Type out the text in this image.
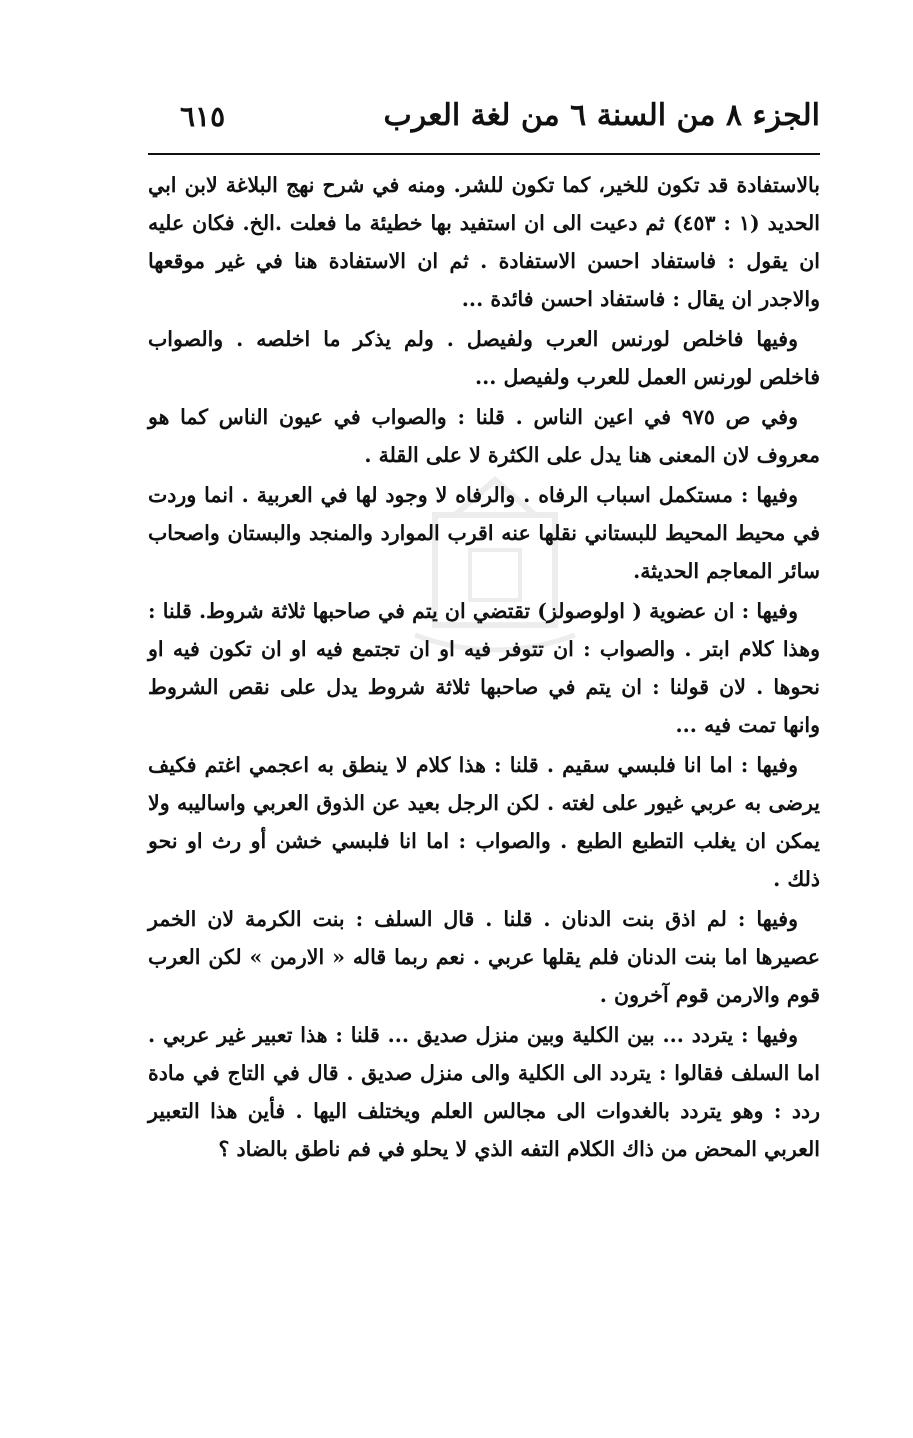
الجزء ٨ من السنة ٦ من لغة العرب
٦١٥

بالاستفادة قد تكون للخير، كما تكون للشر. ومنه في شرح نهج البلاغة لابن ابي الحديد (١ : ٤٥٣) ثم دعيت الى ان استفيد بها خطيئة ما فعلت .الخ. فكان عليه ان يقول : فاستفاد احسن الاستفادة . ثم ان الاستفادة هنا في غير موقعها والاجدر ان يقال : فاستفاد احسن فائدة ...

وفيها فاخلص لورنس العرب ولفيصل . ولم يذكر ما اخلصه . والصواب فاخلص لورنس العمل للعرب ولفيصل ...

وفي ص ٩٧٥ في اعين الناس . قلنا : والصواب في عيون الناس كما هو معروف لان المعنى هنا يدل على الكثرة لا على القلة .

وفيها : مستكمل اسباب الرفاه . والرفاه لا وجود لها في العربية . انما وردت في محيط المحيط للبستاني نقلها عنه اقرب الموارد والمنجد والبستان واصحاب سائر المعاجم الحديثة.

وفيها : ان عضوية ( اولوصولز) تقتضي ان يتم في صاحبها ثلاثة شروط. قلنا : وهذا كلام ابتر . والصواب : ان تتوفر فيه او ان تجتمع فيه او ان تكون فيه او نحوها . لان قولنا : ان يتم في صاحبها ثلاثة شروط يدل على نقص الشروط وانها تمت فيه ...

وفيها : اما انا فلبسي سقيم . قلنا : هذا كلام لا ينطق به اعجمي اغتم فكيف يرضى به عربي غيور على لغته . لكن الرجل بعيد عن الذوق العربي واساليبه ولا يمكن ان يغلب التطبع الطبع . والصواب : اما انا فلبسي خشن أو رث او نحو ذلك .

وفيها : لم اذق بنت الدنان . قلنا . قال السلف : بنت الكرمة لان الخمر عصيرها اما بنت الدنان فلم يقلها عربي . نعم ربما قاله « الارمن » لكن العرب قوم والارمن قوم آخرون .

وفيها : يتردد ... بين الكلية وبين منزل صديق ... قلنا : هذا تعبير غير عربي . اما السلف فقالوا : يتردد الى الكلية والى منزل صديق . قال في التاج في مادة ردد : وهو يتردد بالغدوات الى مجالس العلم ويختلف اليها . فأين هذا التعبير العربي المحض من ذاك الكلام التفه الذي لا يحلو في فم ناطق بالضاد ؟
